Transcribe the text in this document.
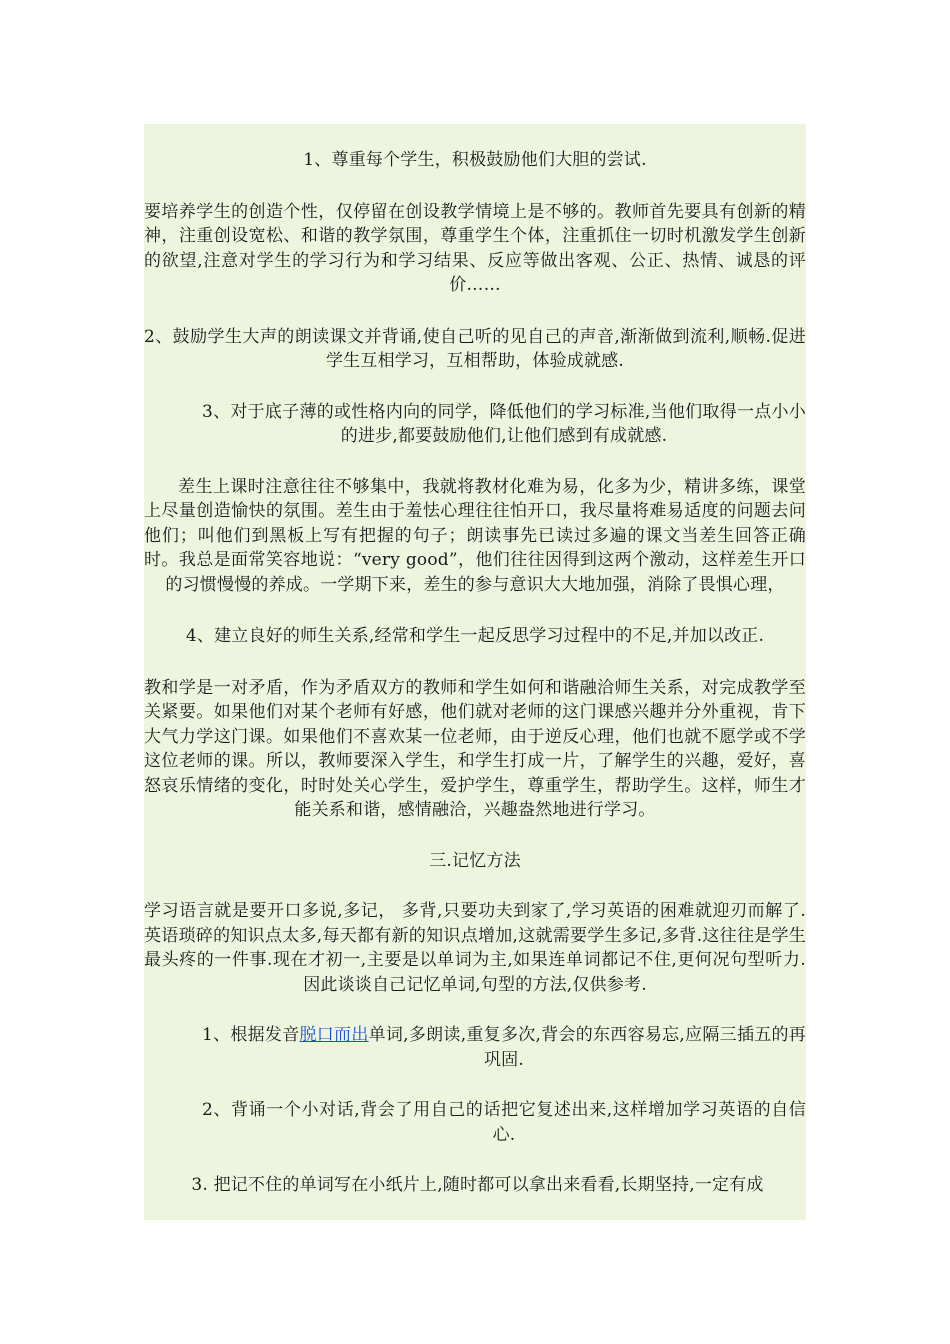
1、尊重每个学生，积极鼓励他们大胆的尝试.

要培养学生的创造个性，仅停留在创设教学情境上是不够的。教师首先要具有创新的精神，注重创设宽松、和谐的教学氛围，尊重学生个体，注重抓住一切时机激发学生创新的欲望,注意对学生的学习行为和学习结果、反应等做出客观、公正、热情、诚恳的评价……

2、鼓励学生大声的朗读课文并背诵,使自己听的见自己的声音,渐渐做到流利,顺畅.促进学生互相学习，互相帮助，体验成就感.

3、对于底子薄的或性格内向的同学，降低他们的学习标准,当他们取得一点小小的进步,都要鼓励他们,让他们感到有成就感.

差生上课时注意往往不够集中，我就将教材化难为易，化多为少，精讲多练，课堂上尽量创造愉快的氛围。差生由于羞怯心理往往怕开口，我尽量将难易适度的问题去问他们；叫他们到黑板上写有把握的句子；朗读事先已读过多遍的课文当差生回答正确时。我总是面常笑容地说：“very good”，他们往往因得到这两个激动，这样差生开口的习惯慢慢的养成。一学期下来，差生的参与意识大大地加强，消除了畏惧心理，

4、建立良好的师生关系,经常和学生一起反思学习过程中的不足,并加以改正.

教和学是一对矛盾，作为矛盾双方的教师和学生如何和谐融洽师生关系，对完成教学至关紧要。如果他们对某个老师有好感，他们就对老师的这门课感兴趣并分外重视，肯下大气力学这门课。如果他们不喜欢某一位老师，由于逆反心理，他们也就不愿学或不学这位老师的课。所以，教师要深入学生，和学生打成一片，了解学生的兴趣，爱好，喜怒哀乐情绪的变化，时时处关心学生，爱护学生，尊重学生，帮助学生。这样，师生才能关系和谐，感情融洽，兴趣盎然地进行学习。

三.记忆方法

学习语言就是要开口多说,多记， 多背,只要功夫到家了,学习英语的困难就迎刃而解了.英语琐碎的知识点太多,每天都有新的知识点增加,这就需要学生多记,多背.这往往是学生最头疼的一件事.现在才初一,主要是以单词为主,如果连单词都记不住,更何况句型听力.因此谈谈自己记忆单词,句型的方法,仅供参考.

1、根据发音脱口而出单词,多朗读,重复多次,背会的东西容易忘,应隔三插五的再巩固.

2、背诵一个小对话,背会了用自己的话把它复述出来,这样增加学习英语的自信心.

3. 把记不住的单词写在小纸片上,随时都可以拿出来看看,长期坚持,一定有成
